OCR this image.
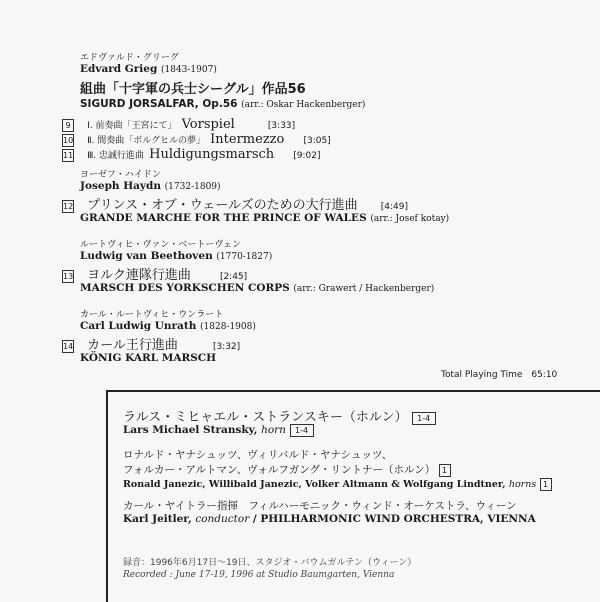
エドヴァルド・グリーグ
Edvard Grieg (1843-1907)
組曲「十字軍の兵士シーグル」作品56
SIGURD JORSALFAR, Op.56 (arr.: Oskar Hackenberger)
9 Ⅰ. 前奏曲「王宮にて」 Vorspiel	[3:33]
10 Ⅱ. 間奏曲「ボルグヒルの夢」 Intermezzo [3:05]
11 Ⅲ. 忠誠行進曲 Huldigungsmarsch [9:02]
ヨーゼフ・ハイドン
Joseph Haydn (1732-1809)
12 プリンス・オブ・ウェールズのための大行進曲	[4:49]
GRANDE MARCHE FOR THE PRINCE OF WALES (arr.: Josef kotay)
ルートヴィヒ・ヴァン・ベートーヴェン
Ludwig van Beethoven (1770-1827)
13 ヨルク連隊行進曲	[2:45]
MARSCH DES YORKSCHEN CORPS (arr.: Grawert / Hackenberger)
カール・ルートヴィヒ・ウンラート
Carl Ludwig Unrath (1828-1908)
14 カール王行進曲	[3:32]
KÖNIG KARL MARSCH
Total Playing Time 65:10
ラルス・ミヒャエル・ストランスキー（ホルン） 1-4
Lars Michael Stransky, horn 1-4
ロナルド・ヤナシュッツ、ヴィリバルド・ヤナシュッツ、
フォルカー・アルトマン、ヴォルフガング・リントナー（ホルン） 1
Ronald Janezic, Willibald Janezic, Volker Altmann & Wolfgang Lindtner, horns 1
カール・ヤイトラー指揮　フィルハーモニック・ウィンド・オーケストラ、ウィーン
Karl Jeitler, conductor / PHILHARMONIC WIND ORCHESTRA, VIENNA
録音：1996年6月17日〜19日、スタジオ・バウムガルテン（ウィーン）
Recorded : June 17-19, 1996 at Studio Baumgarten, Vienna
